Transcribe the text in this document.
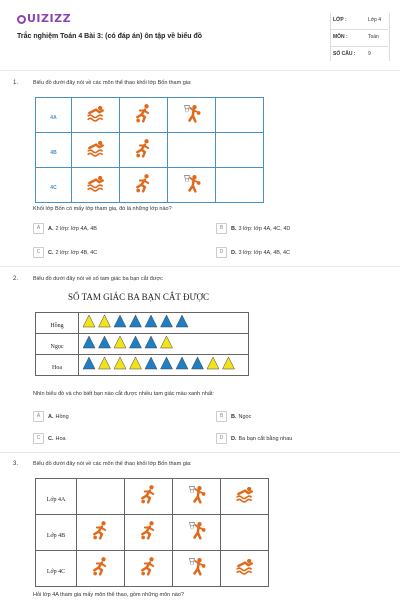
UIZIZZ
Trắc nghiệm Toán 4 Bài 3: (có đáp án) ôn tập về biểu đồ
LỚP :	Lớp 4
MÔN :	Toán
SỐ CÂU :	9
1.	Biểu đồ dưới đây nói về các môn thể thao khối lớp Bốn tham gia:
4A				
4B				
4C				
Khối lớp Bốn có mấy lớp tham gia, đó là những lớp nào?
A A. 2 lớp: lớp 4A, 4B	B B. 3 lớp: lớp 4A, 4C, 4D
C C. 2 lớp: lớp 4B, 4C	D D. 3 lớp: lớp 4A, 4B, 4C
2.	Biểu đồ dưới đây nói về số tam giác ba bạn cắt được
SỐ TAM GIÁC BA BẠN CẮT ĐƯỢC
Hồng	
Ngọc	
Hoa	
Nhìn biểu đồ và cho biết bạn nào cắt được nhiều tam giác màu xanh nhất:
A A. Hồng	B B. Ngọc
C C. Hoa	D D. Ba bạn cắt bằng nhau
3.	Biểu đồ dưới đây nói về các môn thể thao khối lớp Bốn tham gia:
Lớp 4A				
Lớp 4B				
Lớp 4C				
Hỏi lớp 4A tham gia mấy môn thể thao, gồm những môn nào?
